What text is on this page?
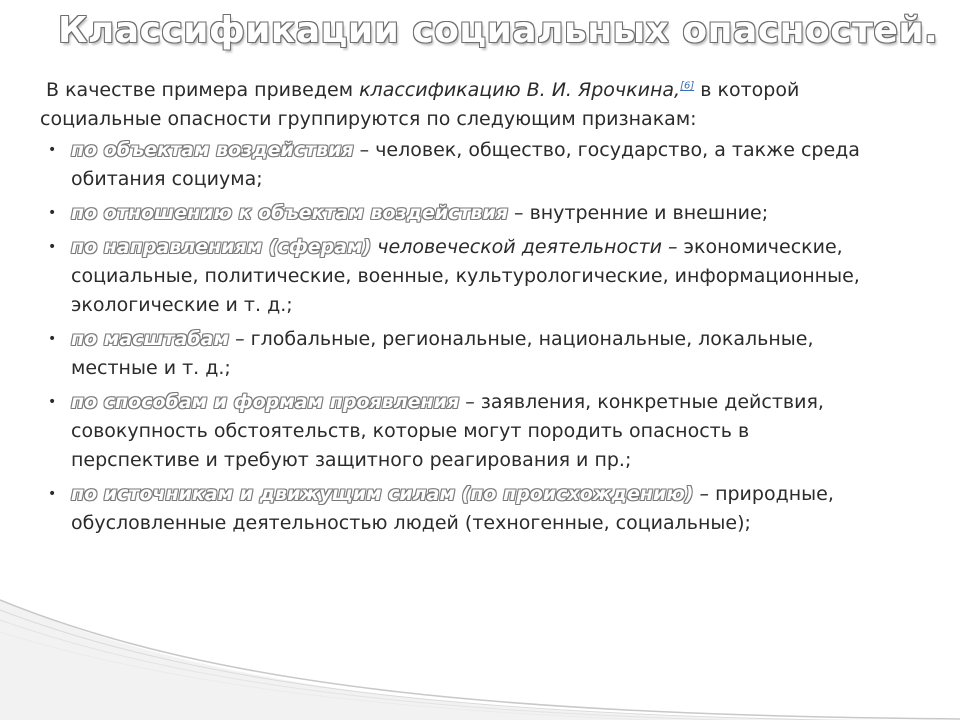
Классификации социальных опасностей.

В качестве примера приведем классификацию В. И. Ярочкина,[6] в которой социальные опасности группируются по следующим признакам:

• по объектам воздействия – человек, общество, государство, а также среда обитания социума;
• по отношению к объектам воздействия – внутренние и внешние;
• по направлениям (сферам) человеческой деятельности – экономические, социальные, политические, военные, культурологические, информационные, экологические и т. д.;
• по масштабам – глобальные, региональные, национальные, локальные, местные и т. д.;
• по способам и формам проявления – заявления, конкретные действия, совокупность обстоятельств, которые могут породить опасность в перспективе и требуют защитного реагирования и пр.;
• по источникам и движущим силам (по происхождению) – природные, обусловленные деятельностью людей (техногенные, социальные);
